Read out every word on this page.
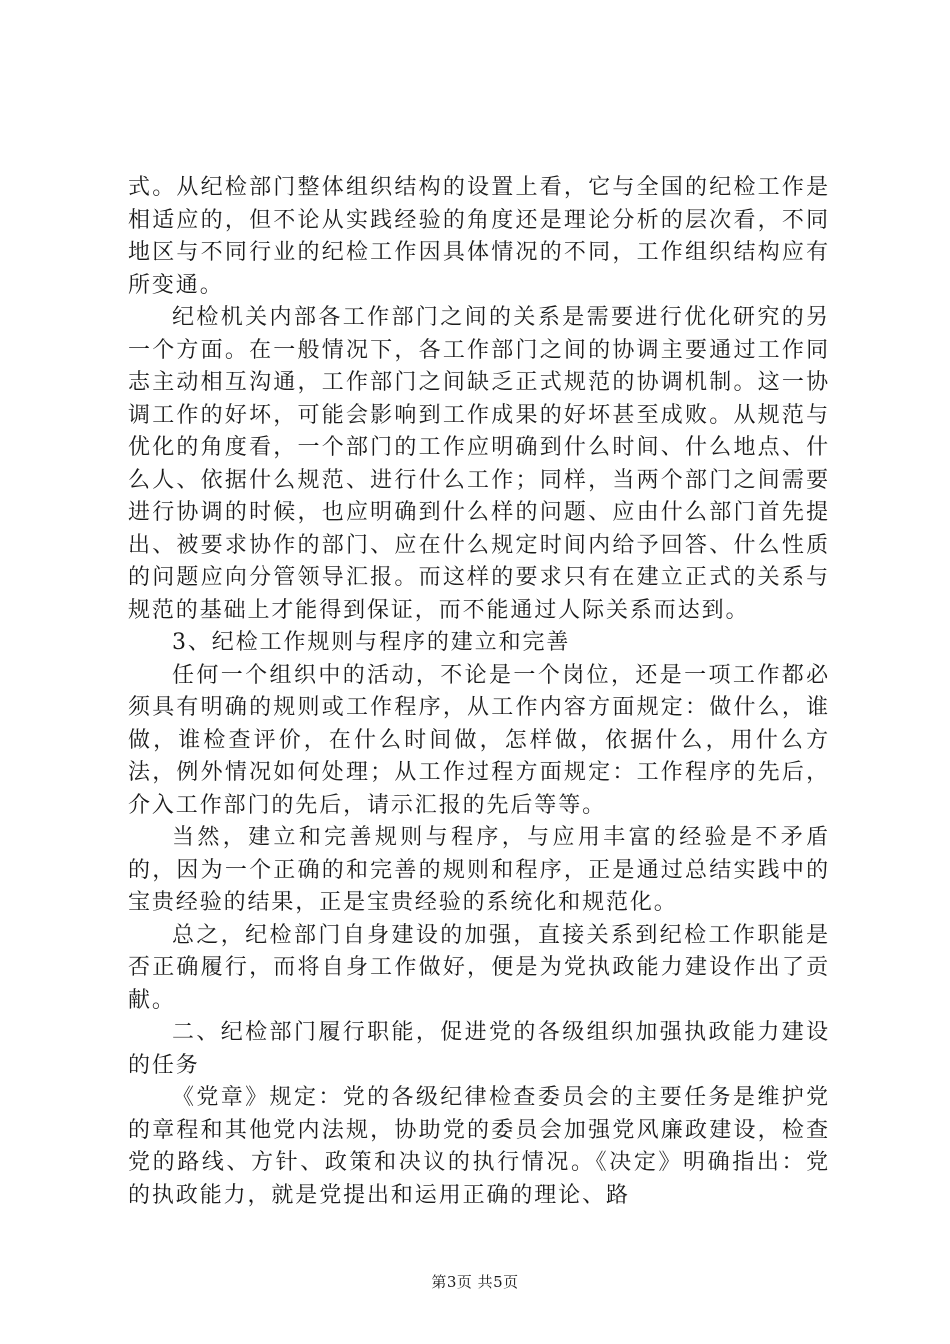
式。从纪检部门整体组织结构的设置上看，它与全国的纪检工作是相适应的，但不论从实践经验的角度还是理论分析的层次看，不同地区与不同行业的纪检工作因具体情况的不同，工作组织结构应有所变通。

纪检机关内部各工作部门之间的关系是需要进行优化研究的另一个方面。在一般情况下，各工作部门之间的协调主要通过工作同志主动相互沟通，工作部门之间缺乏正式规范的协调机制。这一协调工作的好坏，可能会影响到工作成果的好坏甚至成败。从规范与优化的角度看，一个部门的工作应明确到什么时间、什么地点、什么人、依据什么规范、进行什么工作；同样，当两个部门之间需要进行协调的时候，也应明确到什么样的问题、应由什么部门首先提出、被要求协作的部门、应在什么规定时间内给予回答、什么性质的问题应向分管领导汇报。而这样的要求只有在建立正式的关系与规范的基础上才能得到保证，而不能通过人际关系而达到。

3、纪检工作规则与程序的建立和完善

任何一个组织中的活动，不论是一个岗位，还是一项工作都必须具有明确的规则或工作程序，从工作内容方面规定：做什么，谁做，谁检查评价，在什么时间做，怎样做，依据什么，用什么方法，例外情况如何处理；从工作过程方面规定：工作程序的先后，介入工作部门的先后，请示汇报的先后等等。

当然，建立和完善规则与程序，与应用丰富的经验是不矛盾的，因为一个正确的和完善的规则和程序，正是通过总结实践中的宝贵经验的结果，正是宝贵经验的系统化和规范化。

总之，纪检部门自身建设的加强，直接关系到纪检工作职能是否正确履行，而将自身工作做好，便是为党执政能力建设作出了贡献。

二、纪检部门履行职能，促进党的各级组织加强执政能力建设的任务

《党章》规定：党的各级纪律检查委员会的主要任务是维护党的章程和其他党内法规，协助党的委员会加强党风廉政建设，检查党的路线、方针、政策和决议的执行情况。《决定》明确指出：党的执政能力，就是党提出和运用正确的理论、路

第3页 共5页
